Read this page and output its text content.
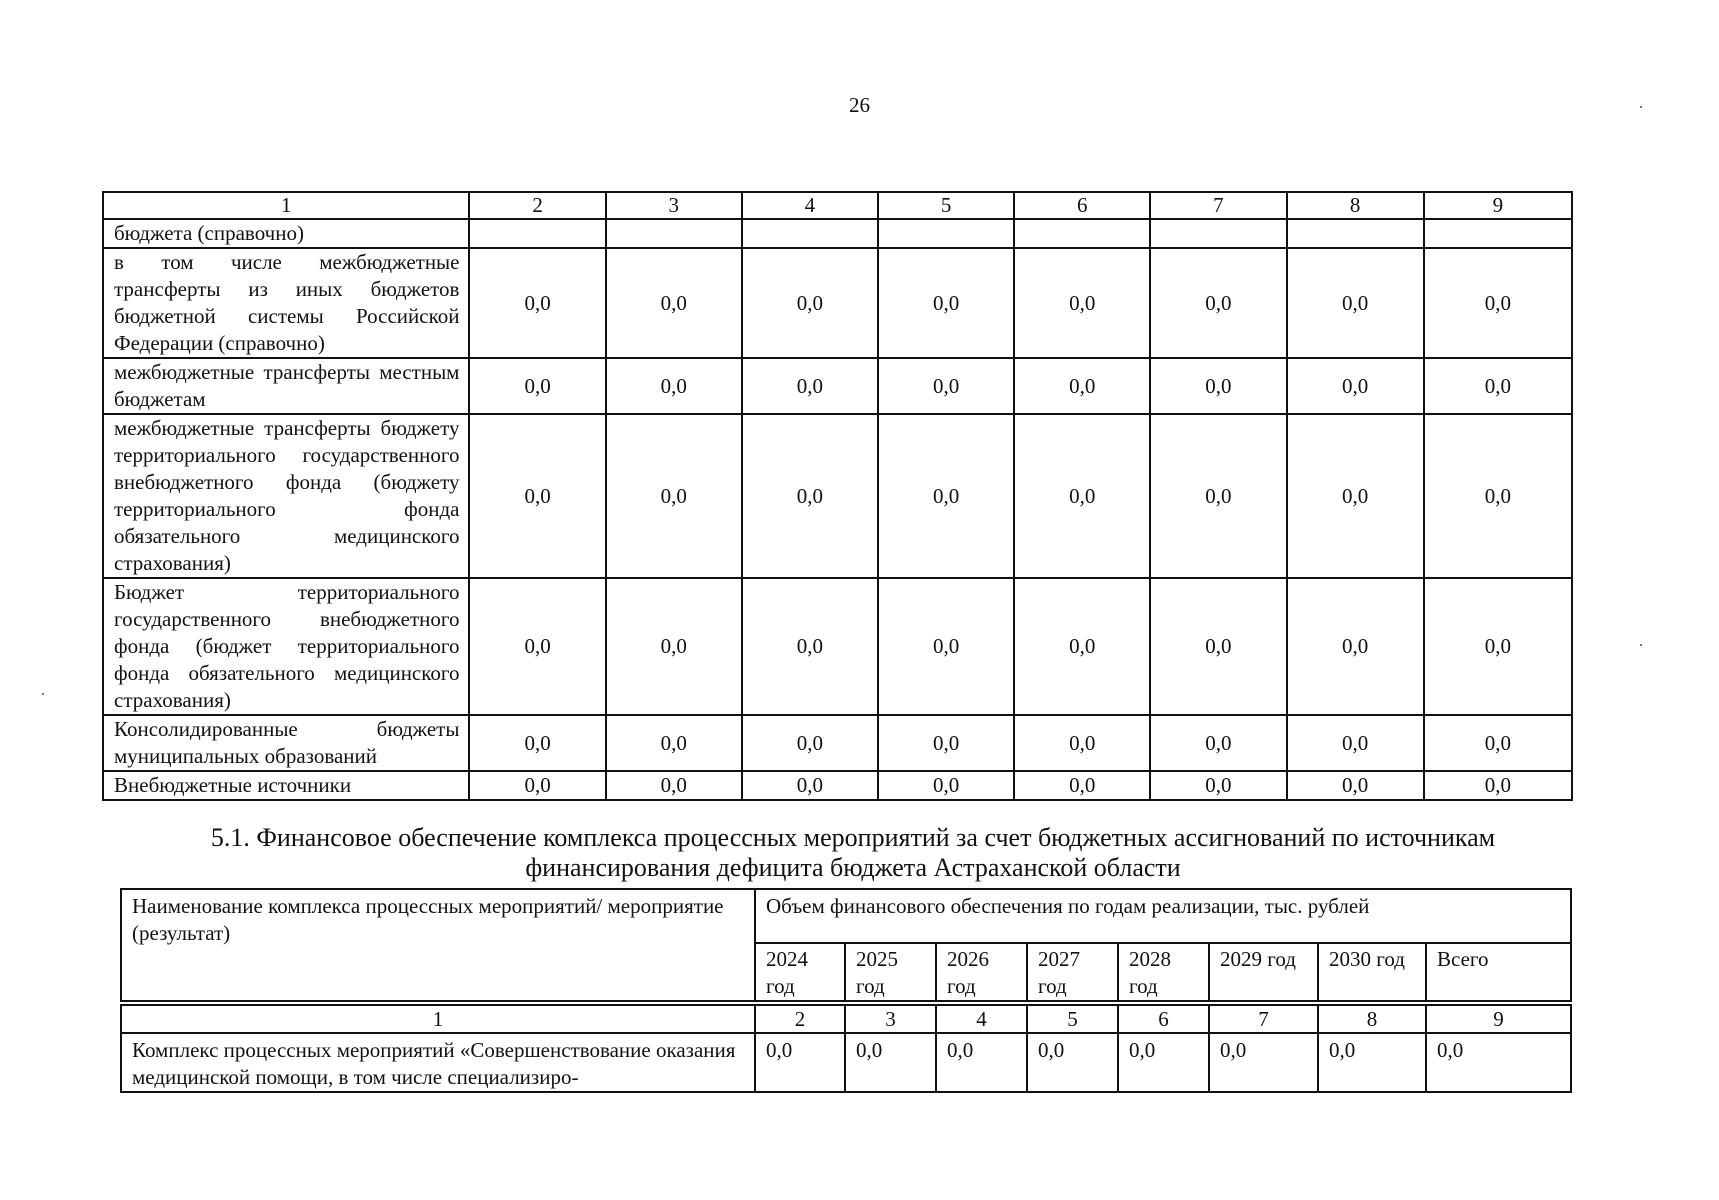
26
1	2	3	4	5	6	7	8	9
бюджета (справочно)								
в том числе межбюджетные трансферты из иных бюджетов бюджетной системы Российской Федерации (справочно)	0,0	0,0	0,0	0,0	0,0	0,0	0,0	0,0
межбюджетные трансферты местным бюджетам	0,0	0,0	0,0	0,0	0,0	0,0	0,0	0,0
межбюджетные трансферты бюджету территориального государственного внебюджетного фонда (бюджету территориального фонда обязательного медицинского страхования)	0,0	0,0	0,0	0,0	0,0	0,0	0,0	0,0
Бюджет территориального государственного внебюджетного фонда (бюджет территориального фонда обязательного медицинского страхования)	0,0	0,0	0,0	0,0	0,0	0,0	0,0	0,0
Консолидированные бюджеты муниципальных образований	0,0	0,0	0,0	0,0	0,0	0,0	0,0	0,0
Внебюджетные источники	0,0	0,0	0,0	0,0	0,0	0,0	0,0	0,0
5.1. Финансовое обеспечение комплекса процессных мероприятий за счет бюджетных ассигнований по источникам финансирования дефицита бюджета Астраханской области
Наименование комплекса процессных мероприятий/ мероприятие (результат)	Объем финансового обеспечения по годам реализации, тыс. рублей							
	2024 год	2025 год	2026 год	2027 год	2028 год	2029 год	2030 год	Всего

1	2	3	4	5	6	7	8	9
Комплекс процессных мероприятий «Совершенствование оказания медицинской помощи, в том числе специализиро-	0,0	0,0	0,0	0,0	0,0	0,0	0,0	0,0
